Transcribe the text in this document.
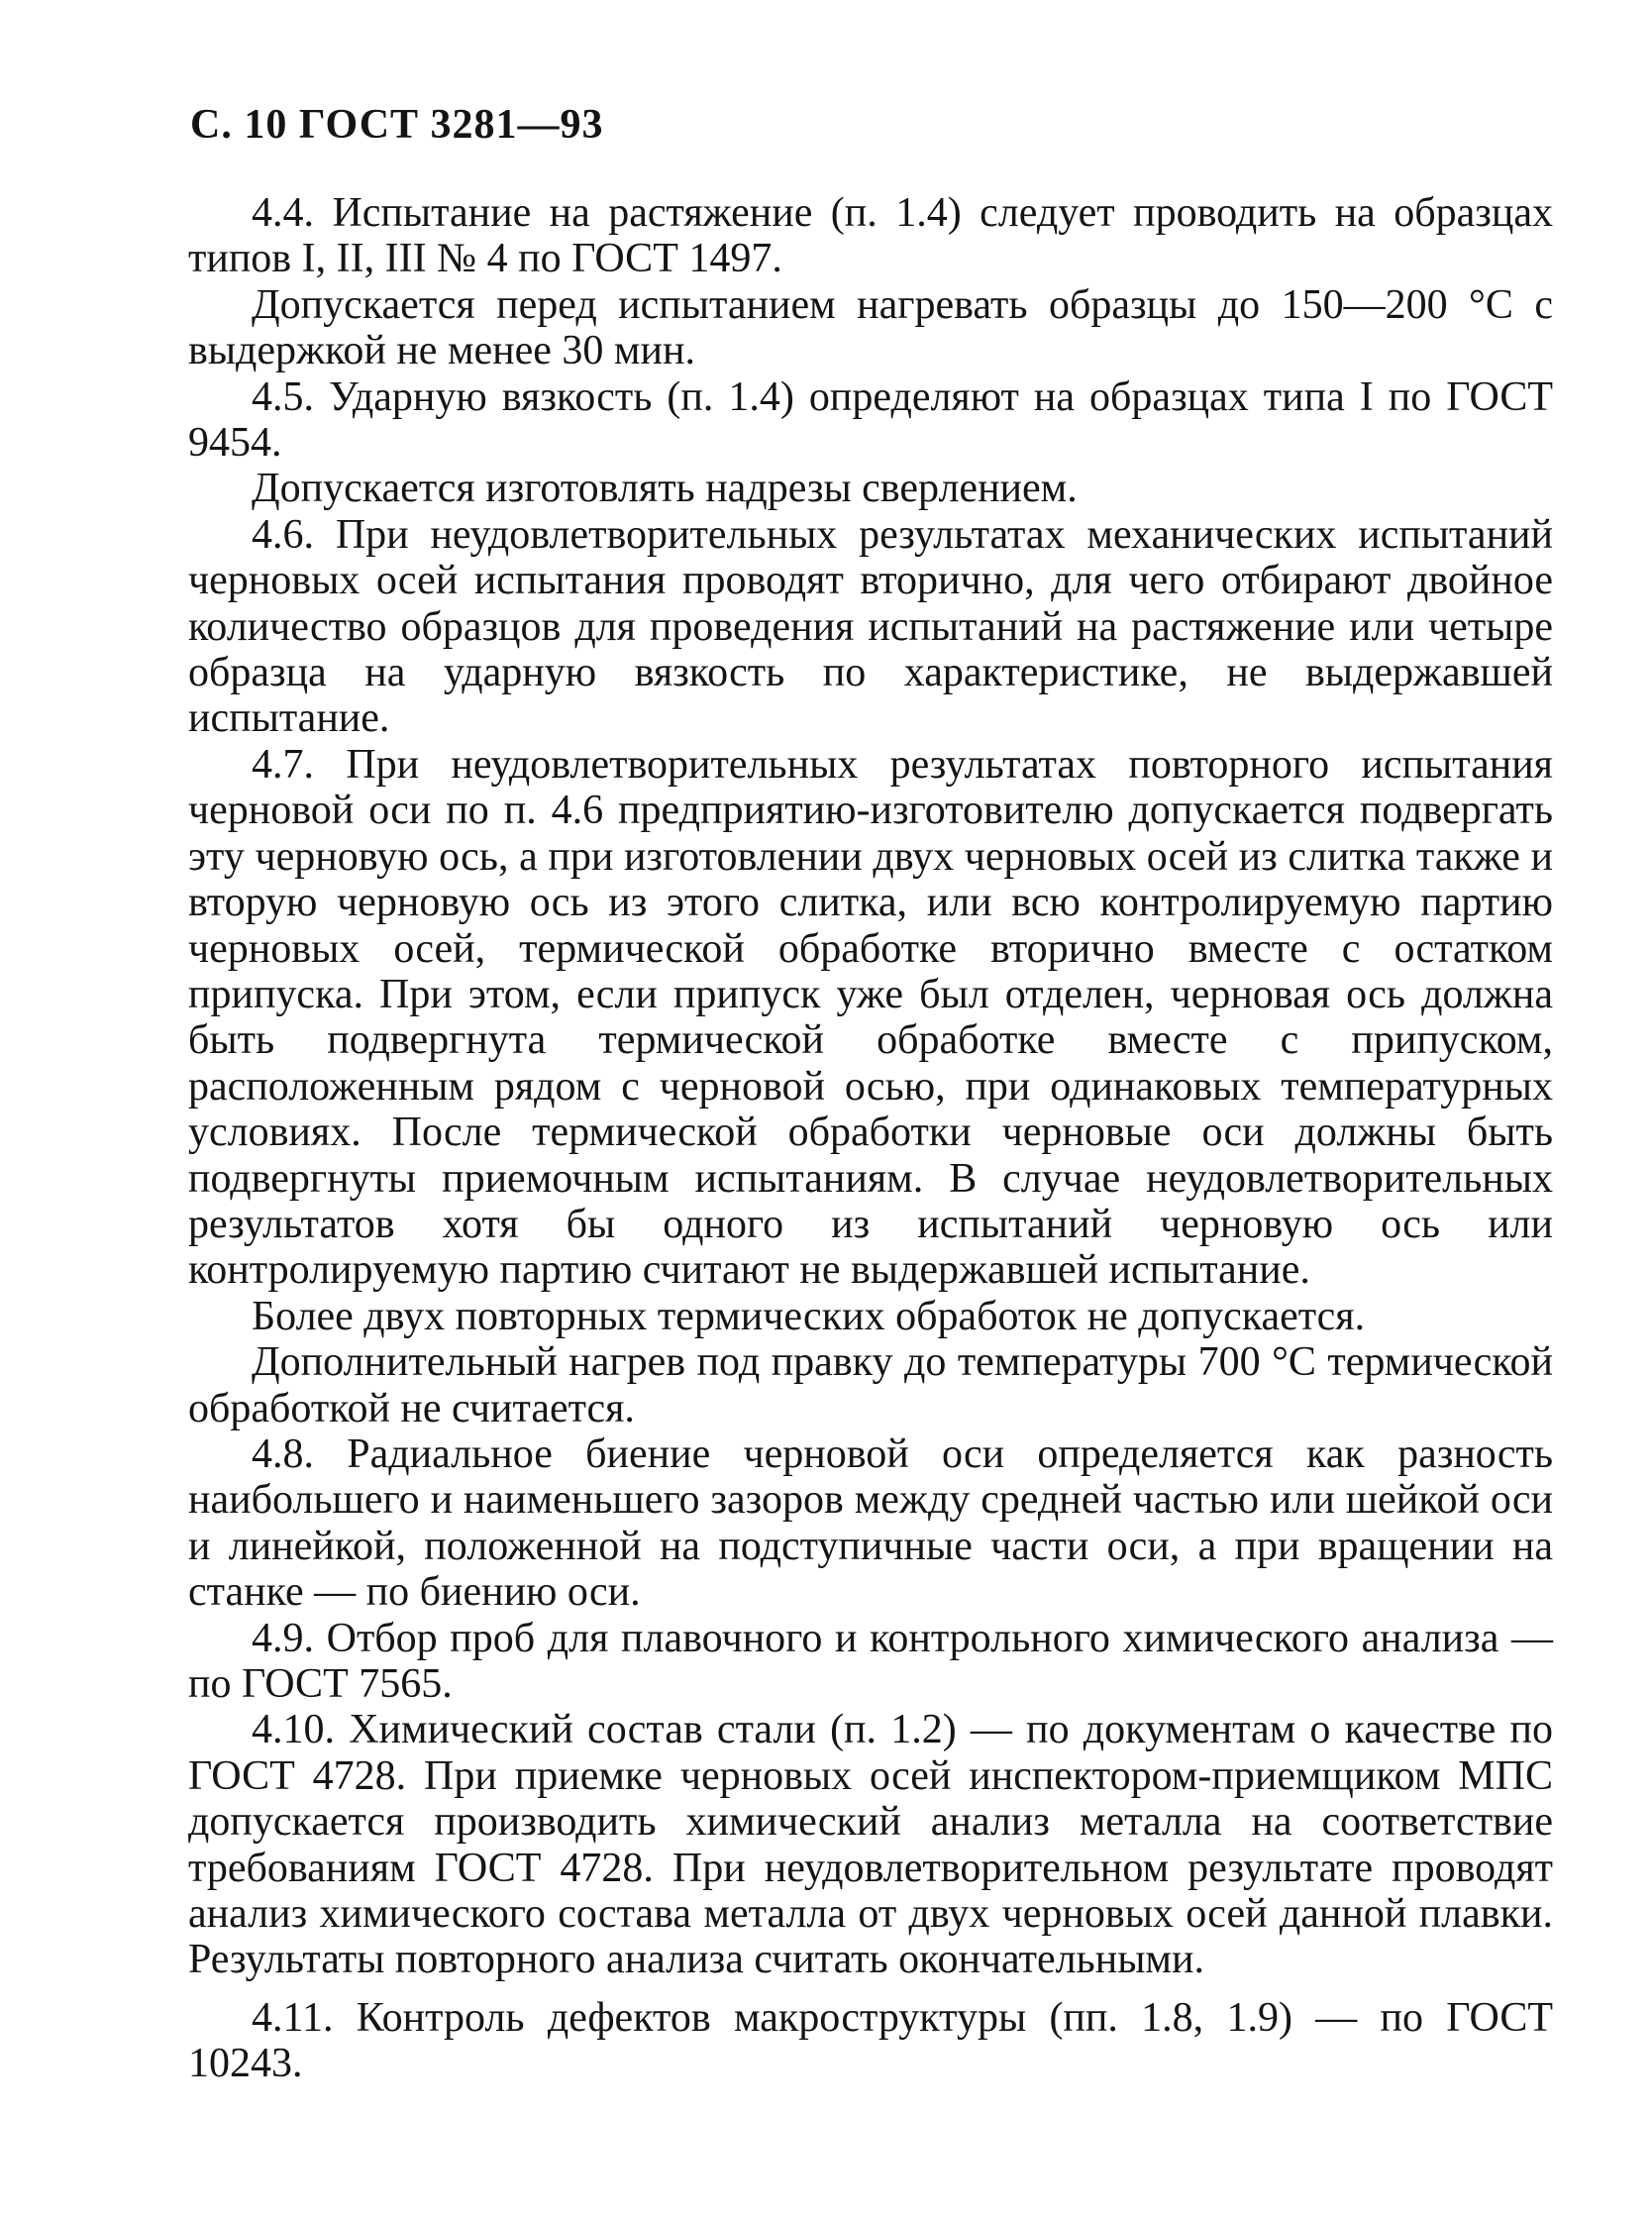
С. 10 ГОСТ 3281—93

4.4. Испытание на растяжение (п. 1.4) следует проводить на образцах типов I, II, III № 4 по ГОСТ 1497.

Допускается перед испытанием нагревать образцы до 150—200 °С с выдержкой не менее 30 мин.

4.5. Ударную вязкость (п. 1.4) определяют на образцах типа I по ГОСТ 9454.

Допускается изготовлять надрезы сверлением.

4.6. При неудовлетворительных результатах механических испытаний черновых осей испытания проводят вторично, для чего отбирают двойное количество образцов для проведения испытаний на растяжение или четыре образца на ударную вязкость по характеристике, не выдержавшей испытание.

4.7. При неудовлетворительных результатах повторного испытания черновой оси по п. 4.6 предприятию-изготовителю допускается подвергать эту черновую ось, а при изготовлении двух черновых осей из слитка также и вторую черновую ось из этого слитка, или всю контролируемую партию черновых осей, термической обработке вторично вместе с остатком припуска. При этом, если припуск уже был отделен, черновая ось должна быть подвергнута термической обработке вместе с припуском, расположенным рядом с черновой осью, при одинаковых температурных условиях. После термической обработки черновые оси должны быть подвергнуты приемочным испытаниям. В случае неудовлетворительных результатов хотя бы одного из испытаний черновую ось или контролируемую партию считают не выдержавшей испытание.

Более двух повторных термических обработок не допускается.

Дополнительный нагрев под правку до температуры 700 °С термической обработкой не считается.

4.8. Радиальное биение черновой оси определяется как разность наибольшего и наименьшего зазоров между средней частью или шейкой оси и линейкой, положенной на подступичные части оси, а при вращении на станке — по биению оси.

4.9. Отбор проб для плавочного и контрольного химического анализа — по ГОСТ 7565.

4.10. Химический состав стали (п. 1.2) — по документам о качестве по ГОСТ 4728. При приемке черновых осей инспектором-приемщиком МПС допускается производить химический анализ металла на соответствие требованиям ГОСТ 4728. При неудовлетворительном результате проводят анализ химического состава металла от двух черновых осей данной плавки. Результаты повторного анализа считать окончательными.

4.11. Контроль дефектов макроструктуры (пп. 1.8, 1.9) — по ГОСТ 10243.
